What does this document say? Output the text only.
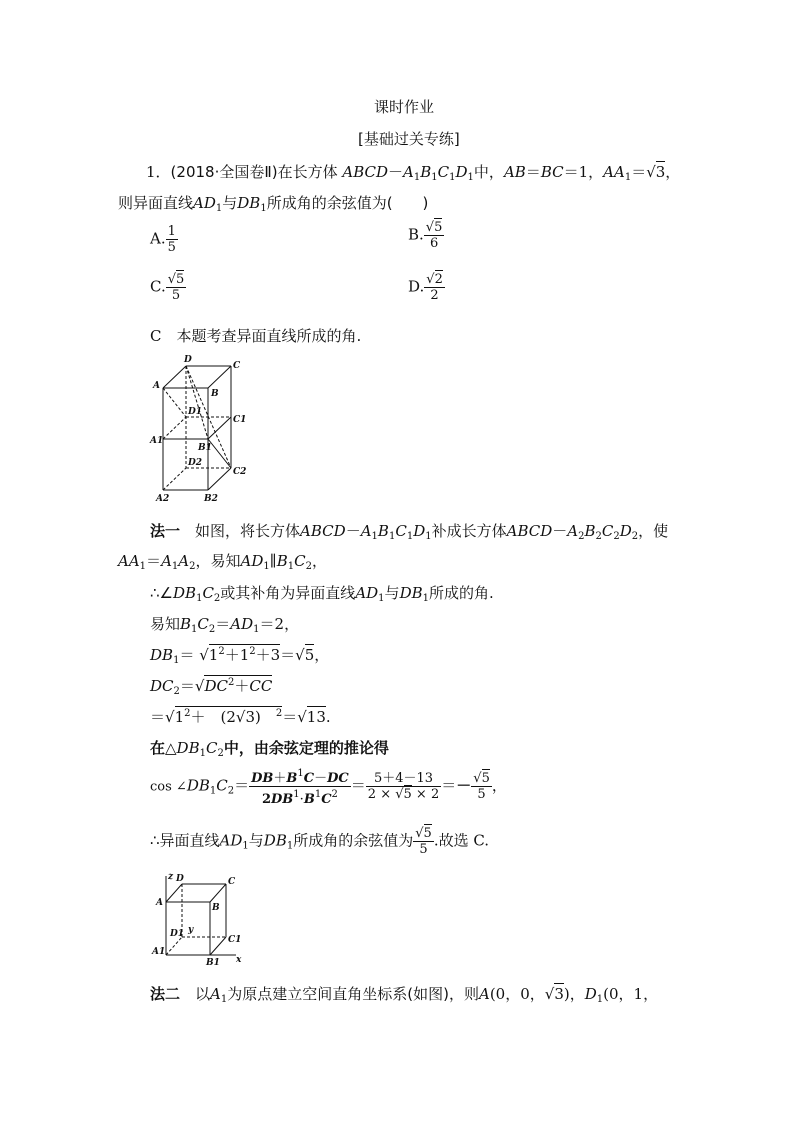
课时作业
[基础过关专练]
1．(2018·全国卷Ⅱ)在长方体 $ABCD-A_1B_1C_1D_1$中，AB＝BC＝1，$AA_1=√3$，
则异面直线$AD_1$与$DB_1$所成角的余弦值为(　　)
A. $\frac{1}{5}$	B. $\frac{√5}{6}$
C. $\frac{√5}{5}$	D. $\frac{√2}{2}$
C　 本题考查异面直线所成的角.
D
C
A
B
D1
C1
A1
B1
D2
C2
A2	B2
法一　 如图，将长方体$ABCD-A_1B_1C_1D_1$补成长方体$ABCD-A_2B_2C_2D_2$，使
$AA_1=A_1A_2$，易知$AD_1\parallel B_1C_2$，
$\therefore\angle DB_1C_2$或其补角为异面直线$AD_1$与$DB_1$所成的角.
易知$B_1C_2=AD_1=2$，
$DB_1= √1^2+1^2+3=√5$，
$DC_2=√DC^2+CC$
$=√1^2+$　(2√3)　$^2$＝√13.
在$\triangle DB_1C_2$中，由余弦定理的推论得
$\cos \angle DB_1C_2= \frac{DB+B^1C-DC}{2DB^1\cdot B^1C^2} = \frac{5+4-13}{2 \times √5 \times 2} =- \frac{√5}{5}$ ，
∴异面直线$AD_1$与$DB_1$所成角的余弦值为 $\frac{√5}{5}$ .故选 C.
z D	C
A	B
D1 y
C1
A1
B1 x
法二　 以$A_1$为原点建立空间直角坐标系(如图)，则A(0，0，√3)，$D_1(0$，1，
